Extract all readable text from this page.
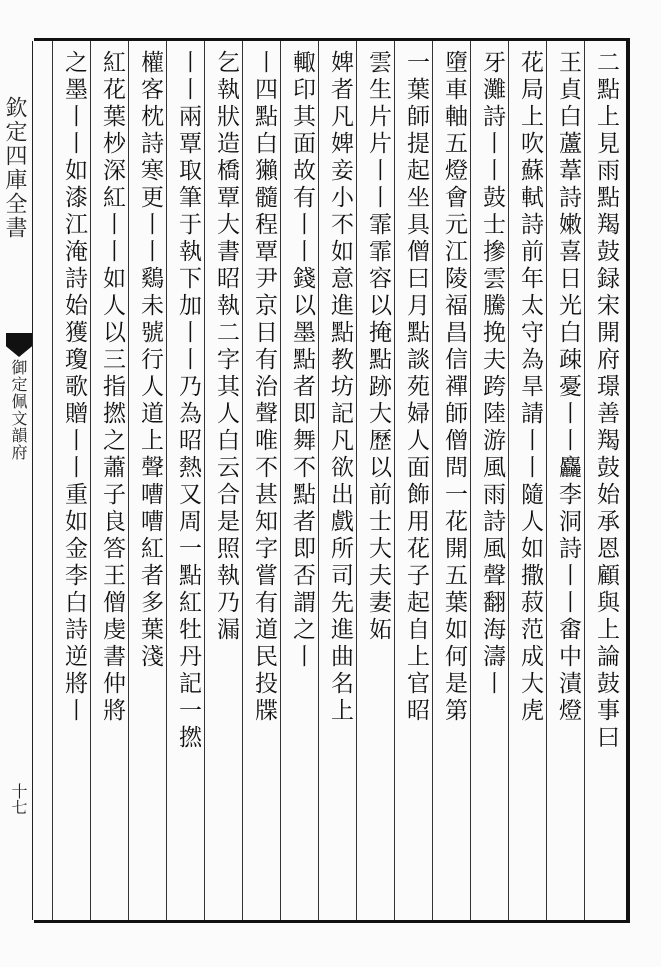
欽定四庫全書
御定佩文韻府
十七
二點上見雨點羯鼓録宋開府璟善羯鼓始承恩顧與上論鼓事曰
王貞白蘆葦詩嫩喜日光白疎憂丨丨麤李洞詩丨丨畬中漬燈
花局上吹蘇軾詩前年太守為旱請丨丨隨人如撒菽范成大虎
牙灘詩丨丨鼓士摻雲騰挽夫跨陸游風雨詩風聲翻海濤丨
墮車軸五燈會元江陵福昌信禪師僧問一花開五葉如何是第
一葉師提起坐具僧曰月點談苑婦人面飾用花子起自上官昭
雲生片片丨丨霏霏容以掩點跡大歷以前士大夫妻妬
婢者凡婢妾小不如意進點教坊記凡欲出戲所司先進曲名上
輙印其面故有丨丨錢以墨點者即舞不點者即否謂之丨
丨四點白獺髓程覃尹京日有治聲唯不甚知字嘗有道民投牒
乞執狀造橋覃大書昭執二字其人白云合是照執乃漏
丨丨兩覃取筆于執下加丨丨乃為昭熱又周一點紅牡丹記一撚
權客枕詩寒更丨丨鷄未號行人道上聲嘈嘈紅者多葉淺
紅花葉杪深紅丨丨如人以三指撚之蕭子良答王僧虔書仲將
之墨丨丨如漆江淹詩始獲瓊歌贈丨丨重如金李白詩逆將丨
